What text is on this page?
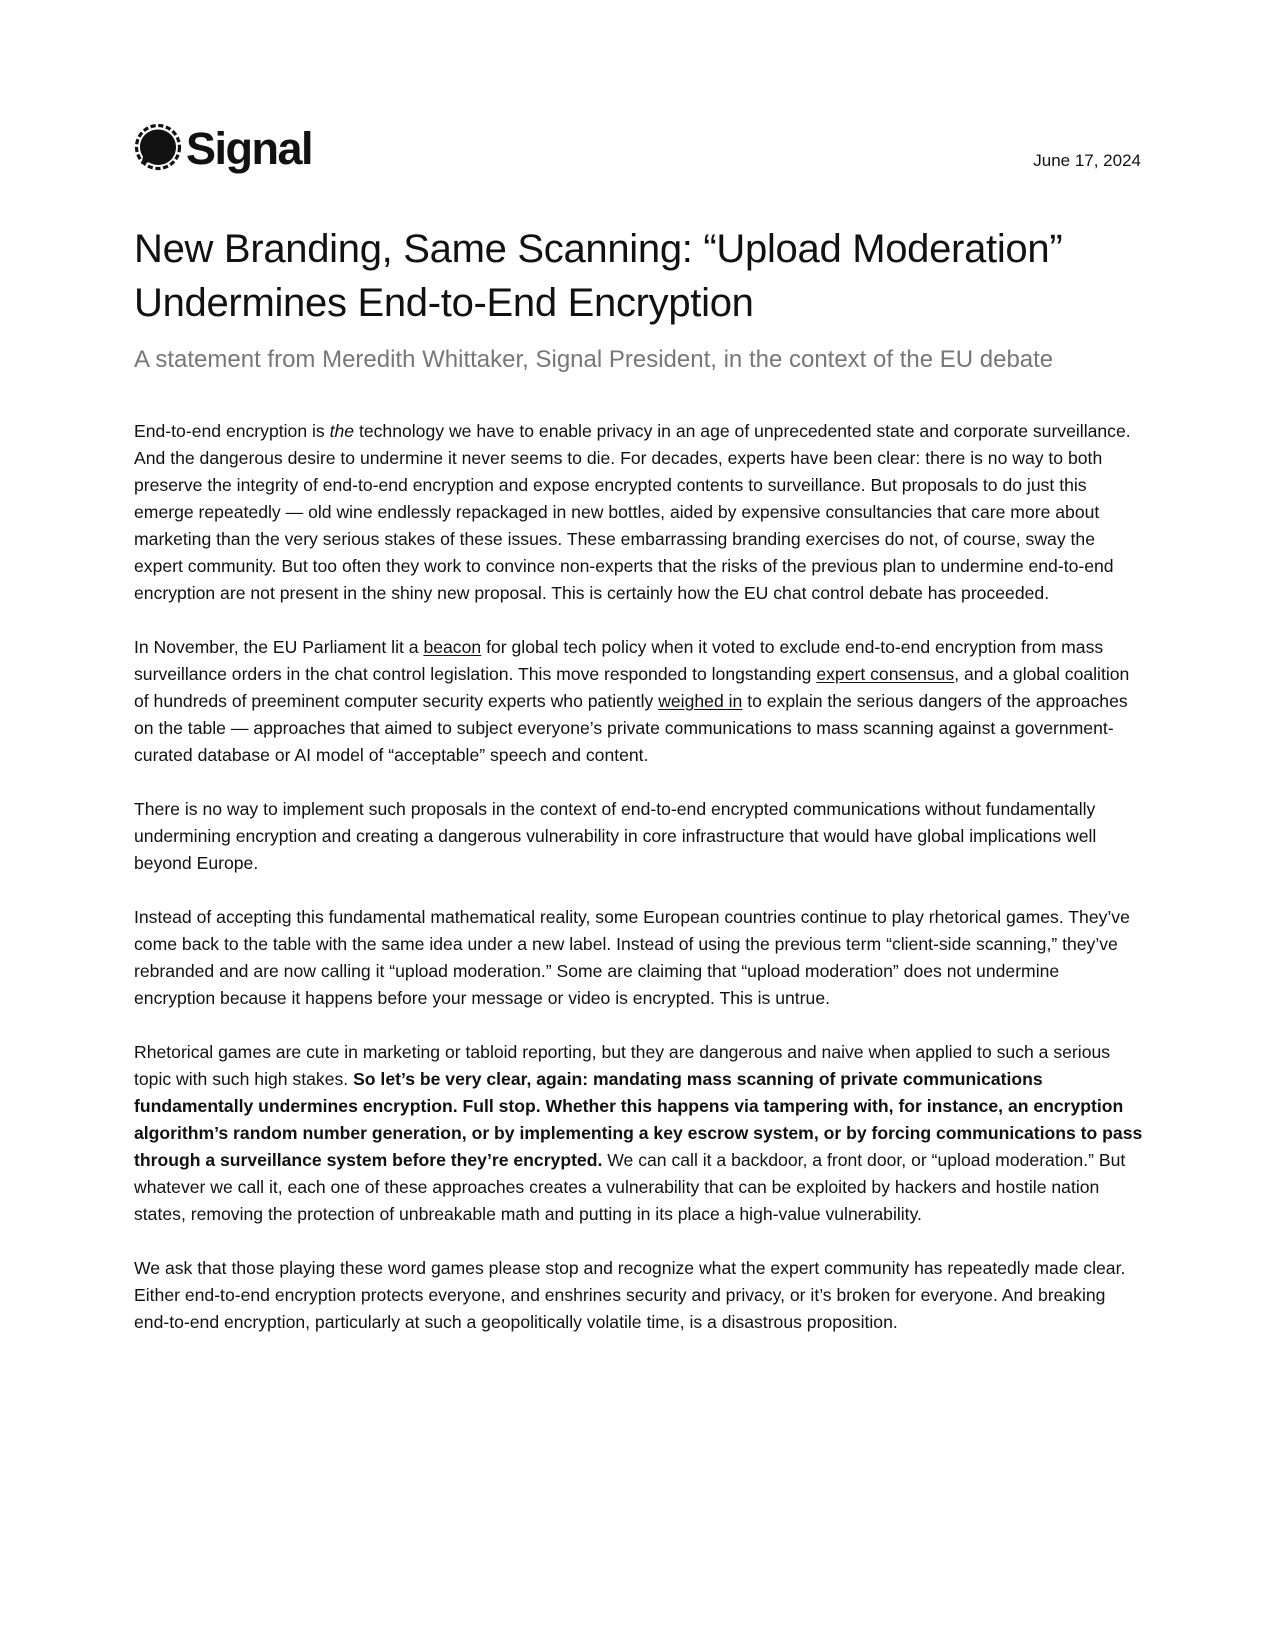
Signal	June 17, 2024
New Branding, Same Scanning: “Upload Moderation”
Undermines End-to-End Encryption
A statement from Meredith Whittaker, Signal President, in the context of the EU debate

End-to-end encryption is the technology we have to enable privacy in an age of unprecedented state and corporate surveillance. And the dangerous desire to undermine it never seems to die. For decades, experts have been clear: there is no way to both preserve the integrity of end-to-end encryption and expose encrypted contents to surveillance. But proposals to do just this emerge repeatedly — old wine endlessly repackaged in new bottles, aided by expensive consultancies that care more about marketing than the very serious stakes of these issues. These embarrassing branding exercises do not, of course, sway the expert community. But too often they work to convince non-experts that the risks of the previous plan to undermine end-to-end encryption are not present in the shiny new proposal. This is certainly how the EU chat control debate has proceeded.

In November, the EU Parliament lit a beacon for global tech policy when it voted to exclude end-to-end encryption from mass surveillance orders in the chat control legislation. This move responded to longstanding expert consensus, and a global coalition of hundreds of preeminent computer security experts who patiently weighed in to explain the serious dangers of the approaches on the table — approaches that aimed to subject everyone’s private communications to mass scanning against a government-curated database or AI model of “acceptable” speech and content.

There is no way to implement such proposals in the context of end-to-end encrypted communications without fundamentally undermining encryption and creating a dangerous vulnerability in core infrastructure that would have global implications well beyond Europe.

Instead of accepting this fundamental mathematical reality, some European countries continue to play rhetorical games. They’ve come back to the table with the same idea under a new label. Instead of using the previous term “client-side scanning,” they’ve rebranded and are now calling it “upload moderation.” Some are claiming that “upload moderation” does not undermine encryption because it happens before your message or video is encrypted. This is untrue.

Rhetorical games are cute in marketing or tabloid reporting, but they are dangerous and naive when applied to such a serious topic with such high stakes. So let’s be very clear, again: mandating mass scanning of private communications fundamentally undermines encryption. Full stop. Whether this happens via tampering with, for instance, an encryption algorithm’s random number generation, or by implementing a key escrow system, or by forcing communications to pass through a surveillance system before they’re encrypted. We can call it a backdoor, a front door, or “upload moderation.” But whatever we call it, each one of these approaches creates a vulnerability that can be exploited by hackers and hostile nation states, removing the protection of unbreakable math and putting in its place a high-value vulnerability.

We ask that those playing these word games please stop and recognize what the expert community has repeatedly made clear. Either end-to-end encryption protects everyone, and enshrines security and privacy, or it’s broken for everyone. And breaking end-to-end encryption, particularly at such a geopolitically volatile time, is a disastrous proposition.
